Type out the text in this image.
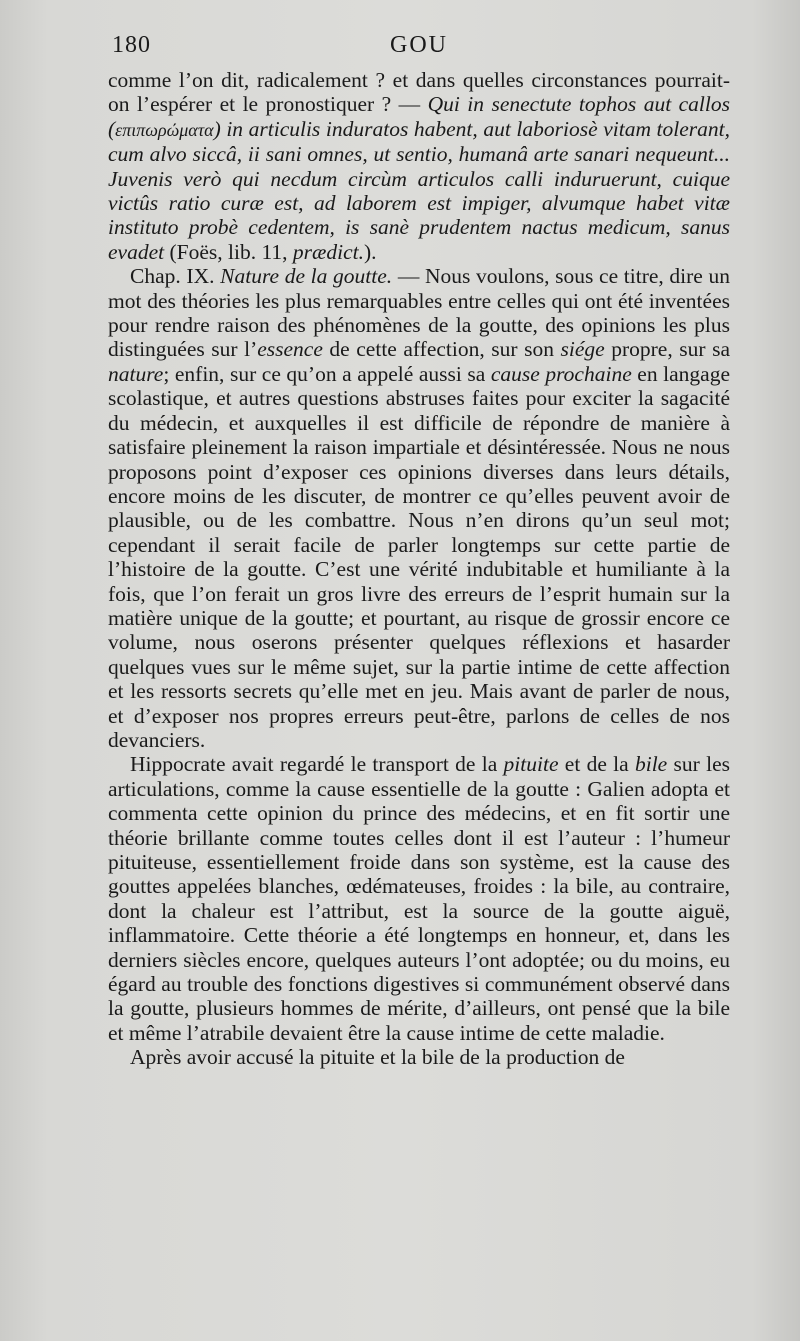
180	GOU

comme l’on dit, radicalement ? et dans quelles circonstances pourrait-on l’espérer et le pronostiquer ? — Qui in senectute tophos aut callos (επιπωρώματα) in articulis induratos habent, aut laboriosè vitam tolerant, cum alvo siccâ, ii sani omnes, ut sentio, humanâ arte sanari nequeunt... Juvenis verò qui necdum circùm articulos calli induruerunt, cuique victûs ratio curæ est, ad laborem est impiger, alvumque habet vitæ instituto probè cedentem, is sanè prudentem nactus medicum, sanus evadet (Foës, lib. 11, prædict.).

Chap. IX. Nature de la goutte. — Nous voulons, sous ce titre, dire un mot des théories les plus remarquables entre celles qui ont été inventées pour rendre raison des phénomènes de la goutte, des opinions les plus distinguées sur l’essence de cette affection, sur son siége propre, sur sa nature; enfin, sur ce qu’on a appelé aussi sa cause prochaine en langage scolastique, et autres questions abstruses faites pour exciter la sagacité du médecin, et auxquelles il est difficile de répondre de manière à satisfaire pleinement la raison impartiale et désintéressée. Nous ne nous proposons point d’exposer ces opinions diverses dans leurs détails, encore moins de les discuter, de montrer ce qu’elles peuvent avoir de plausible, ou de les combattre. Nous n’en dirons qu’un seul mot; cependant il serait facile de parler longtemps sur cette partie de l’histoire de la goutte. C’est une vérité indubitable et humiliante à la fois, que l’on ferait un gros livre des erreurs de l’esprit humain sur la matière unique de la goutte; et pourtant, au risque de grossir encore ce volume, nous oserons présenter quelques réflexions et hasarder quelques vues sur le même sujet, sur la partie intime de cette affection et les ressorts secrets qu’elle met en jeu. Mais avant de parler de nous, et d’exposer nos propres erreurs peut-être, parlons de celles de nos devanciers.

Hippocrate avait regardé le transport de la pituite et de la bile sur les articulations, comme la cause essentielle de la goutte : Galien adopta et commenta cette opinion du prince des médecins, et en fit sortir une théorie brillante comme toutes celles dont il est l’auteur : l’humeur pituiteuse, essentiellement froide dans son système, est la cause des gouttes appelées blanches, œdémateuses, froides : la bile, au contraire, dont la chaleur est l’attribut, est la source de la goutte aiguë, inflammatoire. Cette théorie a été longtemps en honneur, et, dans les derniers siècles encore, quelques auteurs l’ont adoptée; ou du moins, eu égard au trouble des fonctions digestives si communément observé dans la goutte, plusieurs hommes de mérite, d’ailleurs, ont pensé que la bile et même l’atrabile devaient être la cause intime de cette maladie.

Après avoir accusé la pituite et la bile de la production de
